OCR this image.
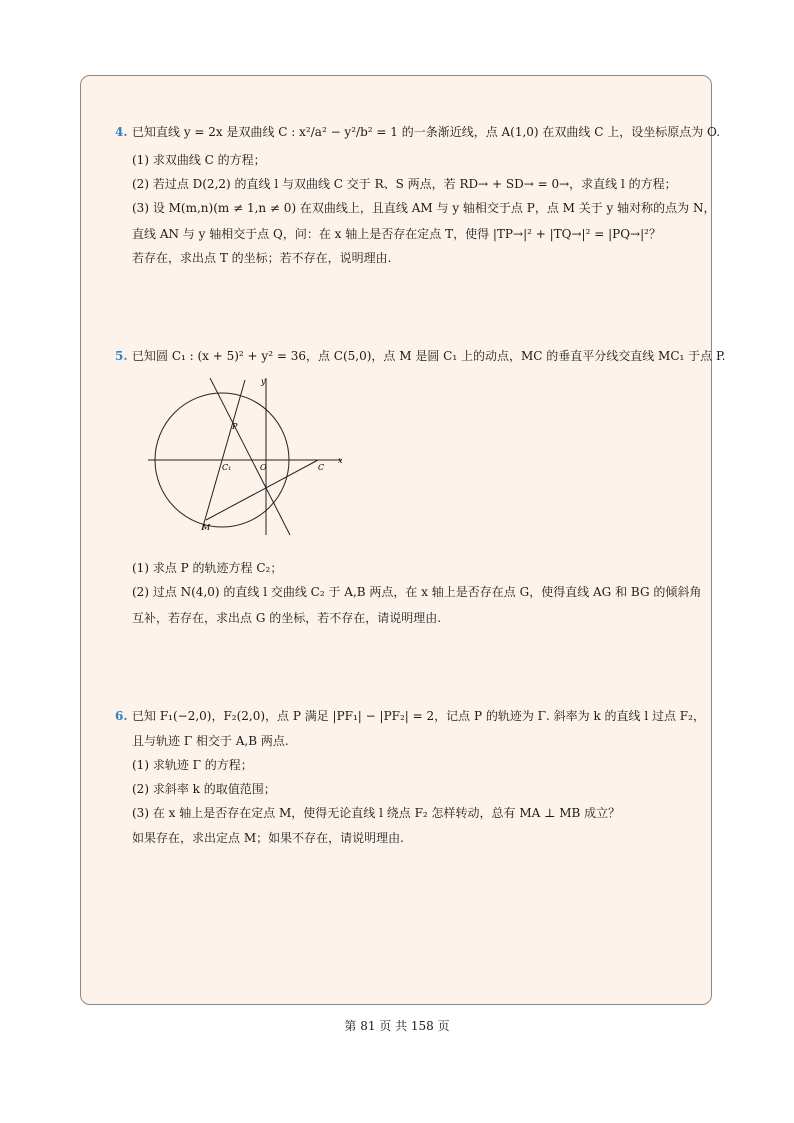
4. 已知直线 y = 2x 是双曲线 C : x²/a² − y²/b² = 1 的一条渐近线，点 A(1,0) 在双曲线 C 上，设坐标原点为 O.
(1) 求双曲线 C 的方程；
(2) 若过点 D(2,2) 的直线 l 与双曲线 C 交于 R、S 两点，若 RD→ + SD→ = 0→，求直线 l 的方程；
(3) 设 M(m,n)(m ≠ 1,n ≠ 0) 在双曲线上，且直线 AM 与 y 轴相交于点 P，点 M 关于 y 轴对称的点为 N，
直线 AN 与 y 轴相交于点 Q，问：在 x 轴上是否存在定点 T，使得 |TP→|² + |TQ→|² = |PQ→|²？
若存在，求出点 T 的坐标；若不存在，说明理由.
5. 已知圆 C₁ : (x + 5)² + y² = 36，点 C(5,0)，点 M 是圆 C₁ 上的动点，MC 的垂直平分线交直线 MC₁ 于点 P.
y
x
P
C₁	O	C
M
(1) 求点 P 的轨迹方程 C₂；
(2) 过点 N(4,0) 的直线 l 交曲线 C₂ 于 A,B 两点，在 x 轴上是否存在点 G，使得直线 AG 和 BG 的倾斜角
互补，若存在，求出点 G 的坐标，若不存在，请说明理由.
6. 已知 F₁(−2,0)，F₂(2,0)，点 P 满足 |PF₁| − |PF₂| = 2，记点 P 的轨迹为 Γ. 斜率为 k 的直线 l 过点 F₂，
且与轨迹 Γ 相交于 A,B 两点.
(1) 求轨迹 Γ 的方程；
(2) 求斜率 k 的取值范围；
(3) 在 x 轴上是否存在定点 M，使得无论直线 l 绕点 F₂ 怎样转动，总有 MA ⊥ MB 成立？
如果存在，求出定点 M；如果不存在，请说明理由.
第 81 页 共 158 页
